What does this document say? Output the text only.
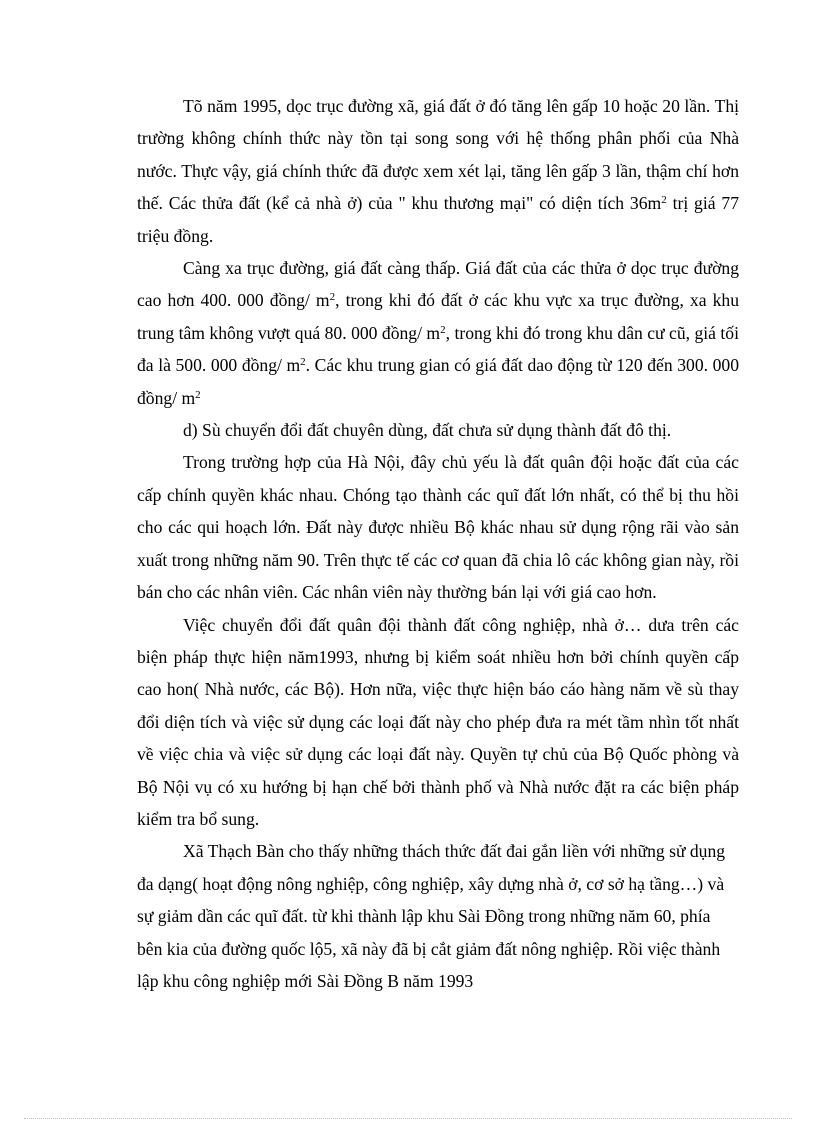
Tõ năm 1995, dọc trục đường xã, giá đất ở đó tăng lên gấp 10 hoặc 20 lần. Thị trường không chính thức này tồn tại song song với hệ thống phân phối của Nhà nước. Thực vậy, giá chính thức đã được xem xét lại, tăng lên gấp 3 lần, thậm chí hơn thế. Các thửa đất (kể cả nhà ở) của " khu thương mại" có diện tích $36m^2$ trị giá 77 triệu đồng.

Càng xa trục đường, giá đất càng thấp. Giá đất của các thửa ở dọc trục đường cao hơn 400. 000 đồng/ $m^2$, trong khi đó đất ở các khu vực xa trục đường, xa khu trung tâm không vượt quá 80. 000 đồng/ $m^2$, trong khi đó trong khu dân cư cũ, giá tối đa là 500. 000 đồng/ $m^2$. Các khu trung gian có giá đất dao động từ 120 đến 300. 000 đồng/ $m^2$

d) Sù chuyển đổi đất chuyên dùng, đất chưa sử dụng thành đất đô thị.

Trong trường hợp của Hà Nội, đây chủ yếu là đất quân đội hoặc đất của các cấp chính quyền khác nhau. Chóng tạo thành các quĩ đất lớn nhất, có thể bị thu hồi cho các qui hoạch lớn. Đất này được nhiều Bộ khác nhau sử dụng rộng rãi vào sản xuất trong những năm 90. Trên thực tế các cơ quan đã chia lô các không gian này, rồi bán cho các nhân viên. Các nhân viên này thường bán lại với giá cao hơn.

Việc chuyển đổi đất quân đội thành đất công nghiệp, nhà ở… dưa trên các biện pháp thực hiện năm1993, nhưng bị kiểm soát nhiều hơn bởi chính quyền cấp cao hon( Nhà nước, các Bộ). Hơn nữa, việc thực hiện báo cáo hàng năm về sù thay đổi diện tích và việc sử dụng các loại đất này cho phép đưa ra mét tầm nhìn tốt nhất về việc chia và việc sử dụng các loại đất này. Quyền tự chủ của Bộ Quốc phòng và Bộ Nội vụ có xu hướng bị hạn chế bởi thành phố và Nhà nước đặt ra các biện pháp kiểm tra bổ sung.

Xã Thạch Bàn cho thấy những thách thức đất đai gắn liền với những sử dụng đa dạng( hoạt động nông nghiệp, công nghiệp, xây dựng nhà ở, cơ sở hạ tầng…) và sự giảm dần các quĩ đất. từ khi thành lập khu Sài Đồng trong những năm 60, phía bên kia của đường quốc lộ5, xã này đã bị cắt giảm đất nông nghiệp. Rồi việc thành lập khu công nghiệp mới Sài Đồng B năm 1993
